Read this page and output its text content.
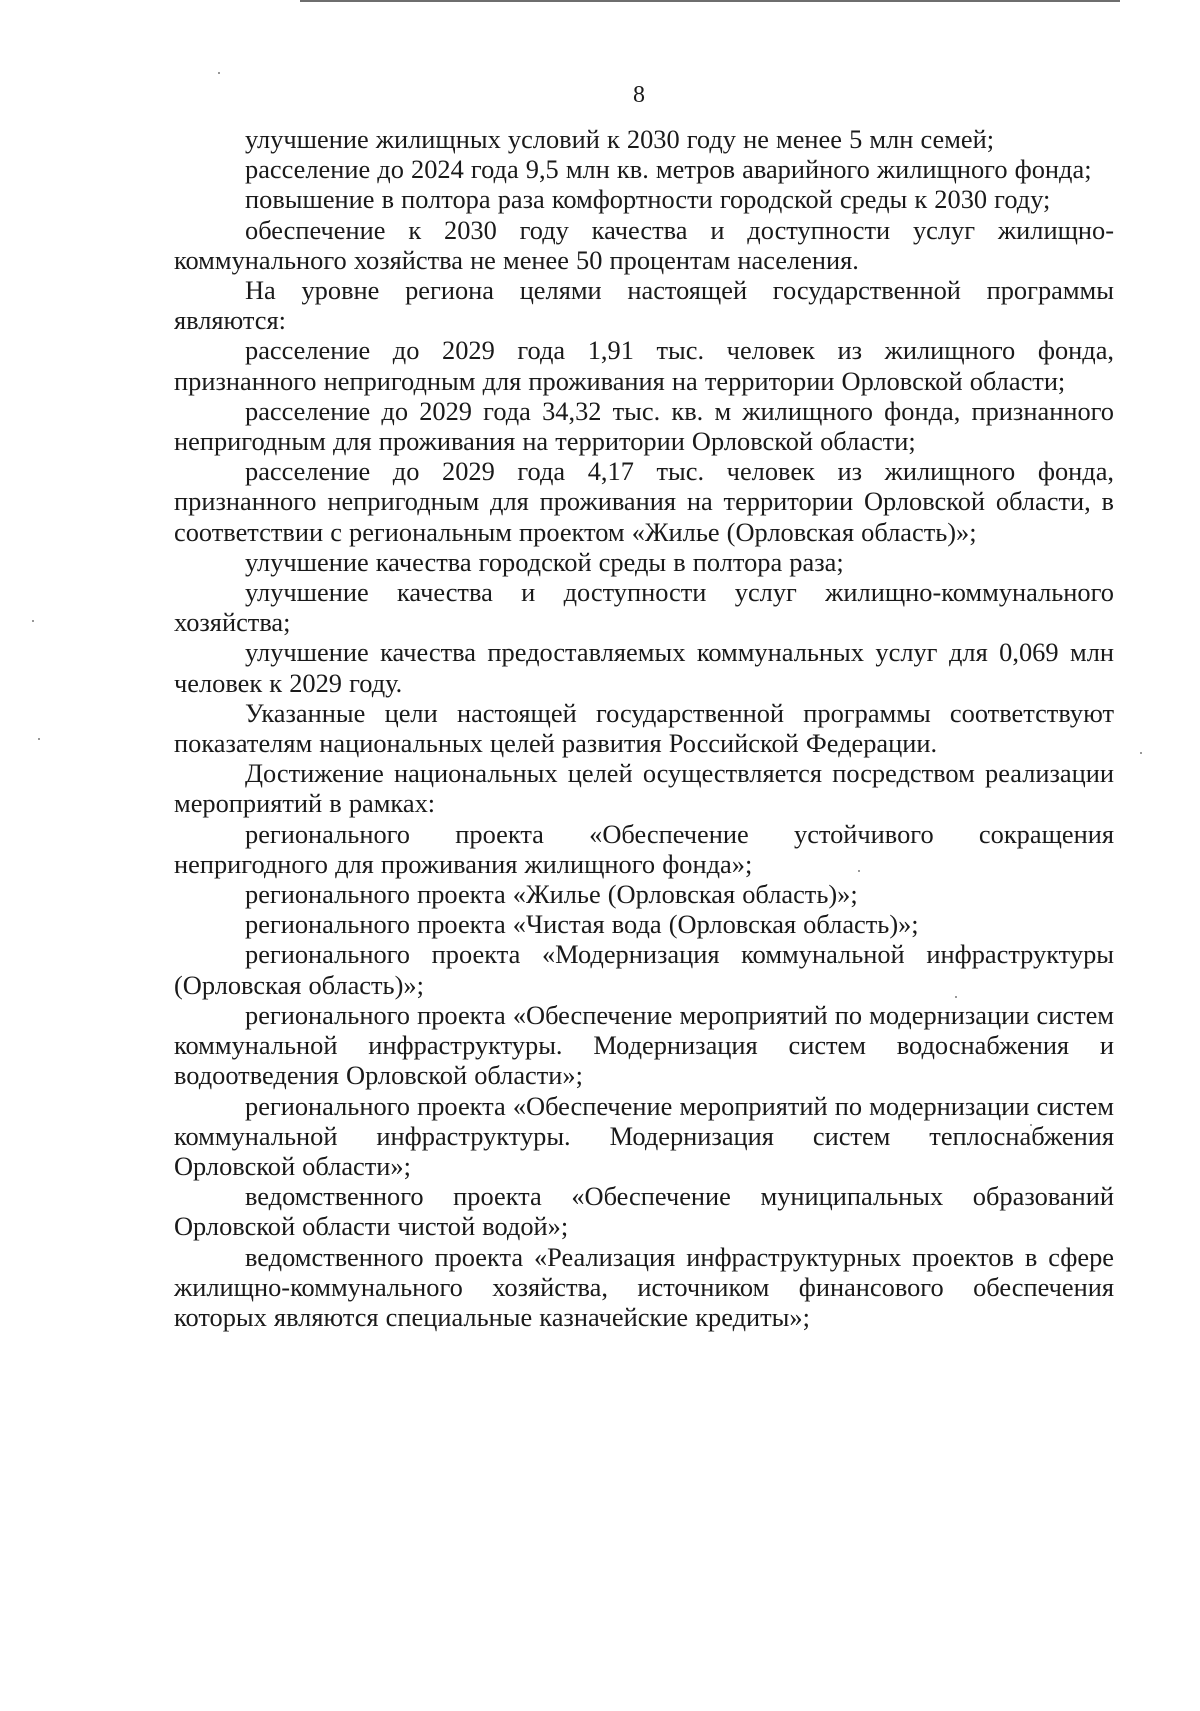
8

улучшение жилищных условий к 2030 году не менее 5 млн семей;

расселение до 2024 года 9,5 млн кв. метров аварийного жилищного фонда;

повышение в полтора раза комфортности городской среды к 2030 году;

обеспечение к 2030 году качества и доступности услуг жилищно-коммунального хозяйства не менее 50 процентам населения.

На уровне региона целями настоящей государственной программы являются:

расселение до 2029 года 1,91 тыс. человек из жилищного фонда, признанного непригодным для проживания на территории Орловской области;

расселение до 2029 года 34,32 тыс. кв. м жилищного фонда, признанного непригодным для проживания на территории Орловской области;

расселение до 2029 года 4,17 тыс. человек из жилищного фонда, признанного непригодным для проживания на территории Орловской области, в соответствии с региональным проектом «Жилье (Орловская область)»;

улучшение качества городской среды в полтора раза;

улучшение качества и доступности услуг жилищно-коммунального хозяйства;

улучшение качества предоставляемых коммунальных услуг для 0,069 млн человек к 2029 году.

Указанные цели настоящей государственной программы соответствуют показателям национальных целей развития Российской Федерации.

Достижение национальных целей осуществляется посредством реализации мероприятий в рамках:

регионального проекта «Обеспечение устойчивого сокращения непригодного для проживания жилищного фонда»;

регионального проекта «Жилье (Орловская область)»;

регионального проекта «Чистая вода (Орловская область)»;

регионального проекта «Модернизация коммунальной инфраструктуры (Орловская область)»;

регионального проекта «Обеспечение мероприятий по модернизации систем коммунальной инфраструктуры. Модернизация систем водоснабжения и водоотведения Орловской области»;

регионального проекта «Обеспечение мероприятий по модернизации систем коммунальной инфраструктуры. Модернизация систем теплоснабжения Орловской области»;

ведомственного проекта «Обеспечение муниципальных образований Орловской области чистой водой»;

ведомственного проекта «Реализация инфраструктурных проектов в сфере жилищно-коммунального хозяйства, источником финансового обеспечения которых являются специальные казначейские кредиты»;
